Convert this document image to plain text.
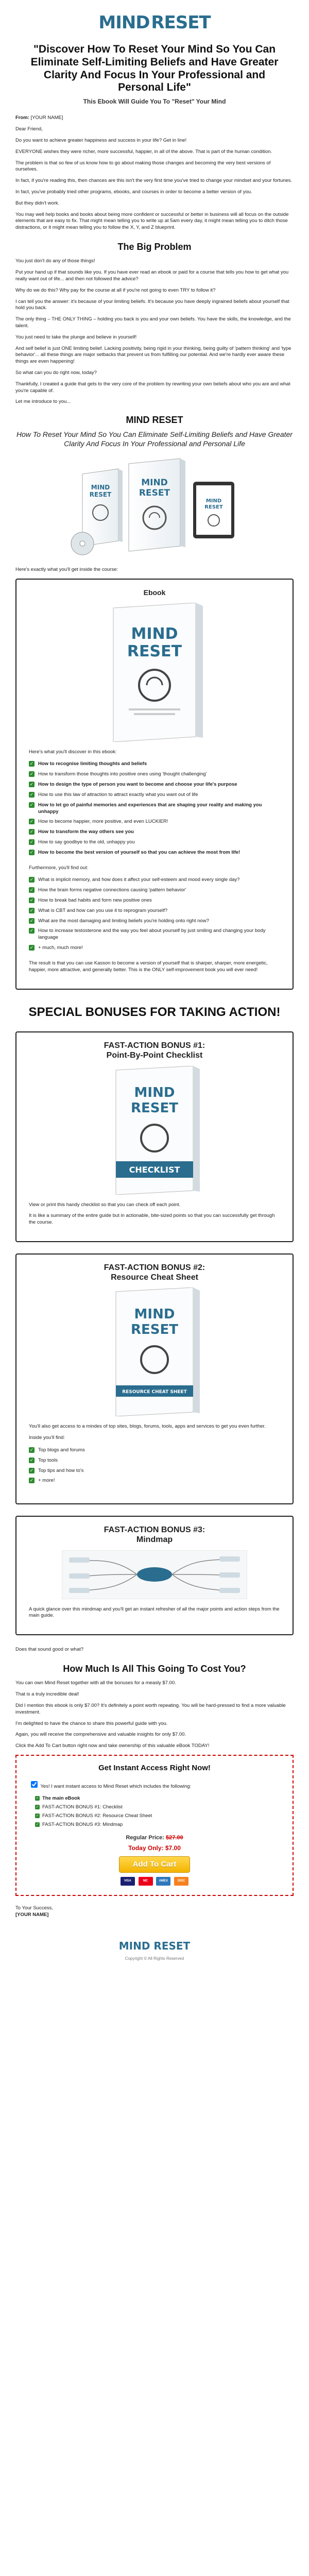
MIND RESET
"Discover How To Reset Your Mind So You Can Eliminate Self-Limiting Beliefs and Have Greater Clarity And Focus In Your Professional and Personal Life"
This Ebook Will Guide You To "Reset" Your Mind

From: [YOUR NAME]

Dear Friend,

Do you want to achieve greater happiness and success in your life? Get in line!

EVERYONE wishes they were richer, more successful, happier, in all of the above. That is part of the human condition.

The problem is that so few of us know how to go about making those changes and becoming the very best versions of ourselves.

In fact, if you're reading this, then chances are this isn't the very first time you've tried to change your mindset and your fortunes.

In fact, you've probably tried other programs, ebooks, and courses in order to become a better version of you.

But they didn't work.

You may well help books and books about being more confident or successful or better in business will all focus on the outside elements that are easy to fix. That might mean telling you to write up at 5am every day, it might mean telling you to ditch those distractions, or it might mean telling you to follow the X, Y, and Z blueprint.

The Big Problem

You just don't do any of those things!

Put your hand up if that sounds like you. If you have ever read an ebook or paid for a course that tells you how to get what you really want out of life... and then not followed the advice?

Why do we do this? Why pay for the course at all if you're not going to even TRY to follow it?

I can tell you the answer: it's because of your limiting beliefs. It's because you have deeply ingrained beliefs about yourself that hold you back.

The only thing – THE ONLY THING – holding you back is you and your own beliefs. You have the skills, the knowledge, and the talent.

You just need to take the plunge and believe in yourself!

And self belief is just ONE limiting belief. Lacking positivity, being rigid in your thinking, being guilty of 'pattern thinking' and 'type behavior'... all these things are major setbacks that prevent us from fulfilling our potential. And we're hardly ever aware these things are even happening!

So what can you do right now, today?

Thankfully, I created a guide that gets to the very core of the problem by rewriting your own beliefs about who you are and what you're capable of.

Let me introduce to you...

MIND RESET
How To Reset Your Mind So You Can Eliminate Self-Limiting Beliefs and Have Greater Clarity And Focus In Your Professional and Personal Life
MIND
RESET
MIND
RESET
MIND
RESET

Here's exactly what you'll get inside the course:

Ebook
MIND
RESET

Here's what you'll discover in this ebook:

✓ How to recognise limiting thoughts and beliefs
✓ How to transform those thoughts into positive ones using 'thought challenging'
✓ How to design the type of person you want to become and choose your life's purpose
✓ How to use this law of attraction to attract exactly what you want out of life
✓ How to let go of painful memories and experiences that are shaping your reality and making you unhappy
✓ How to become happier, more positive, and even LUCKIER!
✓ How to transform the way others see you
✓ How to say goodbye to the old, unhappy you
✓ How to become the best version of yourself so that you can achieve the most from life!

Furthermore, you'll find out:

✓ What is implicit memory, and how does it affect your self-esteem and mood every single day?
✓ How the brain forms negative connections causing 'pattern behavior'
✓ How to break bad habits and form new positive ones
✓ What is CBT and how can you use it to reprogram yourself?
✓ What are the most damaging and limiting beliefs you're holding onto right now?
✓ How to increase testosterone and the way you feel about yourself by just smiling and changing your body language
✓ + much, much more!

The result is that you can use Kasson to become a version of yourself that is sharper, sharper, more energetic, happier, more attractive, and generally better. This is the ONLY self-improvement book you will ever need!

SPECIAL BONUSES FOR TAKING ACTION!
FAST-ACTION BONUS #1:
Point-By-Point Checklist
MIND
RESET
CHECKLIST

View or print this handy checklist so that you can check off each point.

It is like a summary of the entire guide but in actionable, bite-sized points so that you can successfully get through the course.

FAST-ACTION BONUS #2:
Resource Cheat Sheet
MIND
RESET
RESOURCE CHEAT SHEET

You'll also get access to a mindes of top sites, blogs, forums, tools, apps and services to get you even further.

Inside you'll find:

✓ Top blogs and forums
✓ Top tools
✓ Top tips and how to's
✓ + more!
FAST-ACTION BONUS #3:
Mindmap

A quick glance over this mindmap and you'll get an instant refresher of all the major points and action steps from the main guide.

Does that sound good or what?

How Much Is All This Going To Cost You?

You can own Mind Reset together with all the bonuses for a measly $7.00.

That is a truly incredible deal!

Did I mention this ebook is only $7.00? It's definitely a point worth repeating. You will be hard-pressed to find a more valuable investment.

I'm delighted to have the chance to share this powerful guide with you.

Again, you will receive the comprehensive and valuable insights for only $7.00.

Click the Add To Cart button right now and take ownership of this valuable eBook TODAY!

Get Instant Access Right Now!
Yes! I want instant access to Mind Reset which includes the following:
✓ The main eBook
✓ FAST-ACTION BONUS #1: Checklist
✓ FAST-ACTION BONUS #2: Resource Cheat Sheet
✓ FAST-ACTION BONUS #3: Mindmap
Regular Price: $27.00
Today Only: $7.00
Add To Cart
VISA	MC	AMEX	DISC

To Your Success,

[YOUR NAME]

MIND RESET
Copyright © All Rights Reserved
